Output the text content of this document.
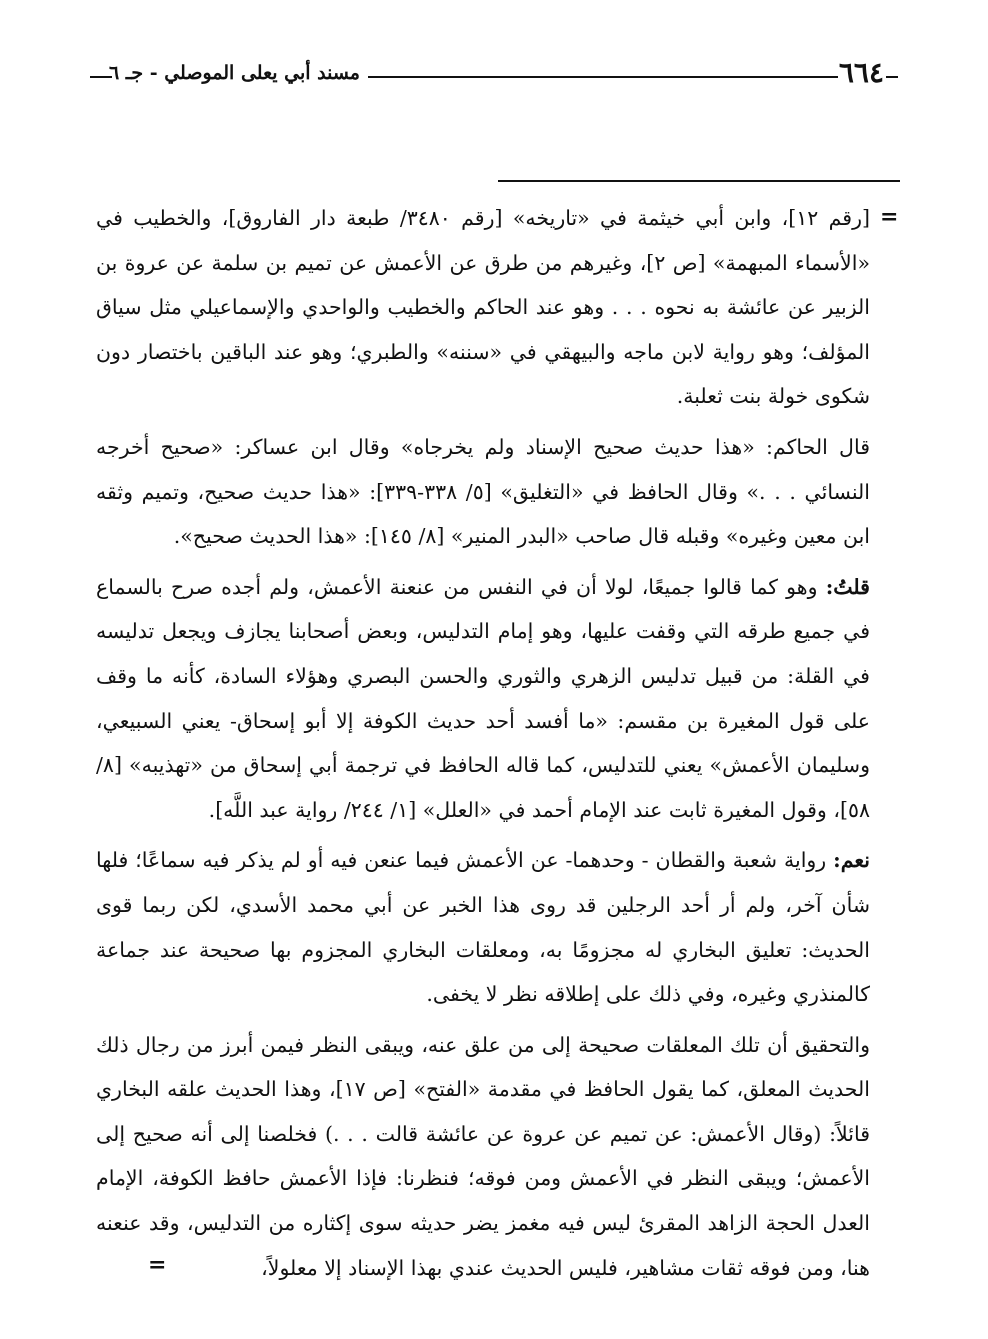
مسند أبي يعلى الموصلي - جـ ٦	٦٦٤
=

[رقم ١٢]، وابن أبي خيثمة في «تاريخه» [رقم ٣٤٨٠/ طبعة دار الفاروق]، والخطيب في «الأسماء المبهمة» [ص ٢]، وغيرهم من طرق عن الأعمش عن تميم بن سلمة عن عروة بن الزبير عن عائشة به نحوه . . . وهو عند الحاكم والخطيب والواحدي والإسماعيلي مثل سياق المؤلف؛ وهو رواية لابن ماجه والبيهقي في «سننه» والطبري؛ وهو عند الباقين باختصار دون شكوى خولة بنت ثعلبة.

قال الحاكم: «هذا حديث صحيح الإسناد ولم يخرجاه» وقال ابن عساكر: «صحيح أخرجه النسائي . . .» وقال الحافظ في «التغليق» [٥/ ٣٣٨-٣٣٩]: «هذا حديث صحيح، وتميم وثقه ابن معين وغيره» وقبله قال صاحب «البدر المنير» [٨/ ١٤٥]: «هذا الحديث صحيح».

قلتُ: وهو كما قالوا جميعًا، لولا أن في النفس من عنعنة الأعمش، ولم أجده صرح بالسماع في جميع طرقه التي وقفت عليها، وهو إمام التدليس، وبعض أصحابنا يجازف ويجعل تدليسه في القلة: من قبيل تدليس الزهري والثوري والحسن البصري وهؤلاء السادة، كأنه ما وقف على قول المغيرة بن مقسم: «ما أفسد أحد حديث الكوفة إلا أبو إسحاق- يعني السبيعي، وسليمان الأعمش» يعني للتدليس، كما قاله الحافظ في ترجمة أبي إسحاق من «تهذيبه» [٨/ ٥٨]، وقول المغيرة ثابت عند الإمام أحمد في «العلل» [١/ ٢٤٤/ رواية عبد اللَّه].

نعم: رواية شعبة والقطان - وحدهما- عن الأعمش فيما عنعن فيه أو لم يذكر فيه سماعًا؛ فلها شأن آخر، ولم أر أحد الرجلين قد روى هذا الخبر عن أبي محمد الأسدي، لكن ربما قوى الحديث: تعليق البخاري له مجزومًا به، ومعلقات البخاري المجزوم بها صحيحة عند جماعة كالمنذري وغيره، وفي ذلك على إطلاقه نظر لا يخفى.

والتحقيق أن تلك المعلقات صحيحة إلى من علق عنه، ويبقى النظر فيمن أبرز من رجال ذلك الحديث المعلق، كما يقول الحافظ في مقدمة «الفتح» [ص ١٧]، وهذا الحديث علقه البخاري قائلاً: (وقال الأعمش: عن تميم عن عروة عن عائشة قالت . . .) فخلصنا إلى أنه صحيح إلى الأعمش؛ ويبقى النظر في الأعمش ومن فوقه؛ فنظرنا: فإذا الأعمش حافظ الكوفة، الإمام العدل الحجة الزاهد المقرئ ليس فيه مغمز يضر حديثه سوى إكثاره من التدليس، وقد عنعنه هنا، ومن فوقه ثقات مشاهير، فليس الحديث عندي بهذا الإسناد إلا معلولاً،

=
